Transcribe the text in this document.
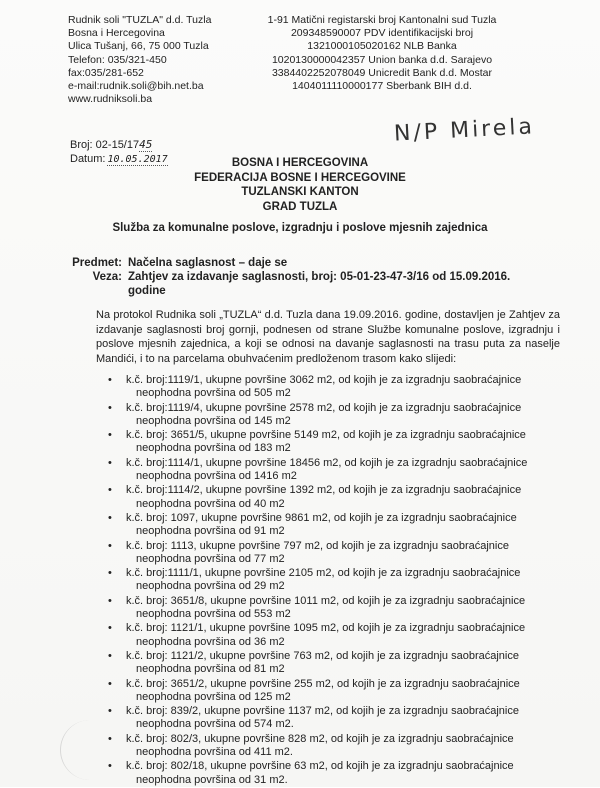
Rudnik soli "TUZLA" d.d. Tuzla
Bosna i Hercegovina
Ulica Tušanj, 66, 75 000 Tuzla
Telefon: 035/321-450
fax:035/281-652
e-mail:rudnik.soli@bih.net.ba
www.rudniksoli.ba
1-91 Matični registarski broj Kantonalni sud Tuzla
209348590007 PDV identifikacijski broj
1321000105020162 NLB Banka
1020130000042357 Union banka d.d. Sarajevo
3384402252078049 Unicredit Bank d.d. Mostar
1404011110000177 Sberbank BIH d.d.
Broj: 02-15/1745
Datum: 10.05.2017
N/P Mirela
BOSNA I HERCEGOVINA
FEDERACIJA BOSNE I HERCEGOVINE
TUZLANSKI KANTON
GRAD TUZLA
Služba za komunalne poslove, izgradnju i poslove mjesnih zajednica
Predmet: Načelna saglasnost – daje se
Veza: Zahtjev za izdavanje saglasnosti, broj: 05-01-23-47-3/16 od 15.09.2016.
godine
Na protokol Rudnika soli „TUZLA“ d.d. Tuzla dana 19.09.2016. godine, dostavljen je Zahtjev za izdavanje saglasnosti broj gornji, podnesen od strane Službe komunalne poslove, izgradnju i poslove mjesnih zajednica, a koji se odnosi na davanje saglasnosti na trasu puta za naselje Mandići, i to na parcelama obuhvaćenim predloženom trasom kako slijedi:
• k.č. broj:1119/1, ukupne površine 3062 m2, od kojih je za izgradnju saobraćajnice
neophodna površina od 505 m2
• k.č. broj:1119/4, ukupne površine 2578 m2, od kojih je za izgradnju saobraćajnice
neophodna površina od 145 m2
• k.č. broj: 3651/5, ukupne površine 5149 m2, od kojih je za izgradnju saobraćajnice
neophodna površina od 183 m2
• k.č. broj:1114/1, ukupne površine 18456 m2, od kojih je za izgradnju saobraćajnice
neophodna površina od 1416 m2
• k.č. broj:1114/2, ukupne površine 1392 m2, od kojih je za izgradnju saobraćajnice
neophodna površina od 40 m2
• k.č. broj: 1097, ukupne površine 9861 m2, od kojih je za izgradnju saobraćajnice
neophodna površina od 91 m2
• k.č. broj: 1113, ukupne površine 797 m2, od kojih je za izgradnju saobraćajnice
neophodna površina od 77 m2
• k.č. broj:1111/1, ukupne površine 2105 m2, od kojih je za izgradnju saobraćajnice
neophodna površina od 29 m2
• k.č. broj: 3651/8, ukupne površine 1011 m2, od kojih je za izgradnju saobraćajnice
neophodna površina od 553 m2
• k.č. broj: 1121/1, ukupne površine 1095 m2, od kojih je za izgradnju saobraćajnice
neophodna površina od 36 m2
• k.č. broj: 1121/2, ukupne površine 763 m2, od kojih je za izgradnju saobraćajnice
neophodna površina od 81 m2
• k.č. broj: 3651/2, ukupne površine 255 m2, od kojih je za izgradnju saobraćajnice
neophodna površina od 125 m2
• k.č. broj: 839/2, ukupne površine 1137 m2, od kojih je za izgradnju saobraćajnice
neophodna površina od 574 m2.
• k.č. broj: 802/3, ukupne površine 828 m2, od kojih je za izgradnju saobraćajnice
neophodna površina od 411 m2.
• k.č. broj: 802/18, ukupne površine 63 m2, od kojih je za izgradnju saobraćajnice
neophodna površina od 31 m2.
